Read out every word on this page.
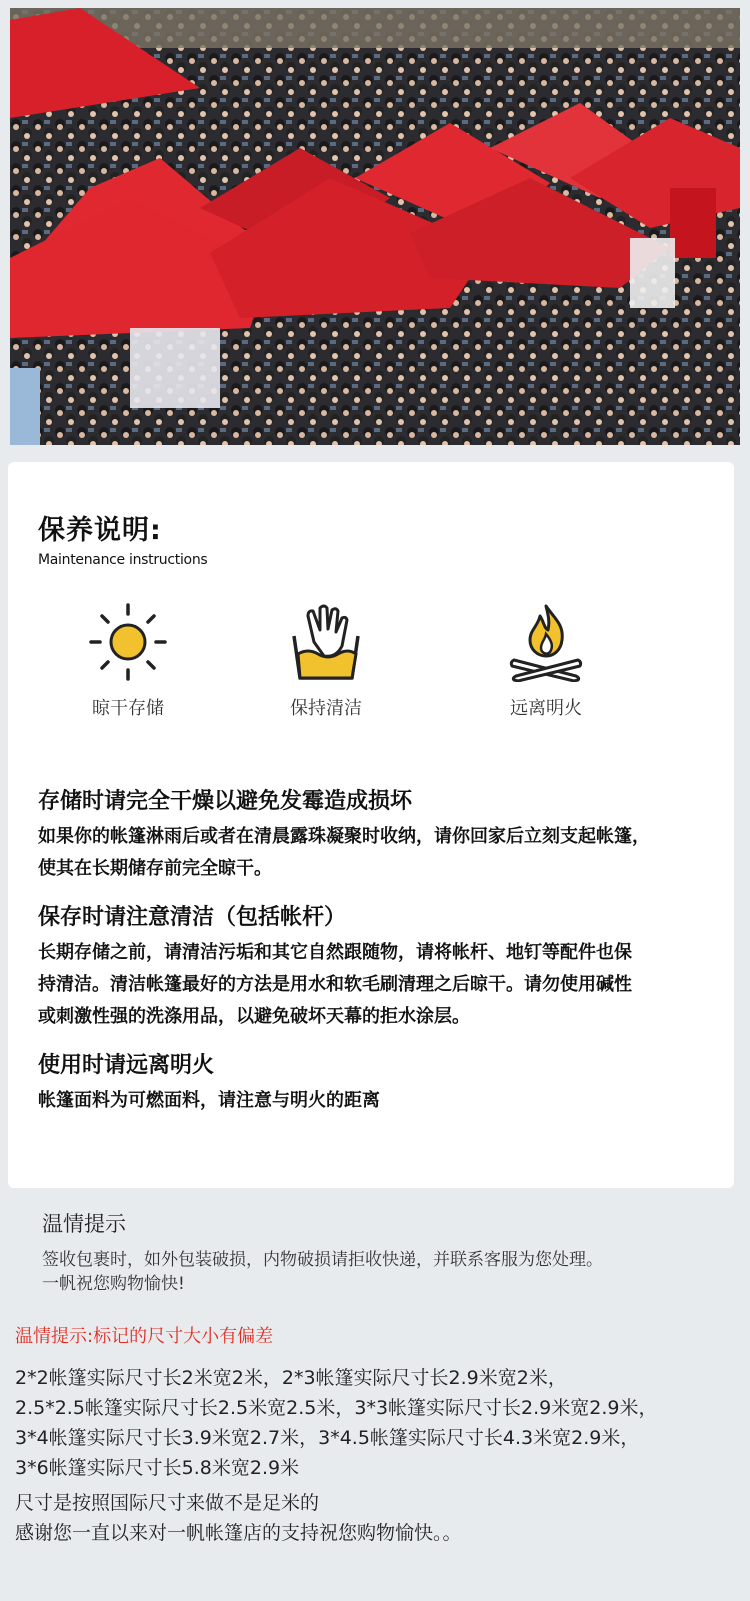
保养说明:
Maintenance instructions
晾干存储	保持清洁	远离明火
存储时请完全干燥以避免发霉造成损坏
如果你的帐篷淋雨后或者在清晨露珠凝聚时收纳，请你回家后立刻支起帐篷，
使其在长期储存前完全晾干。
保存时请注意清洁（包括帐杆）
长期存储之前，请清洁污垢和其它自然跟随物，请将帐杆、地钉等配件也保
持清洁。清洁帐篷最好的方法是用水和软毛刷清理之后晾干。请勿使用碱性
或刺激性强的洗涤用品，以避免破坏天幕的拒水涂层。
使用时请远离明火
帐篷面料为可燃面料，请注意与明火的距离
温情提示
签收包裹时，如外包装破损，内物破损请拒收快递，并联系客服为您处理。
一帆祝您购物愉快!
温情提示:标记的尺寸大小有偏差
2*2帐篷实际尺寸长2米宽2米，2*3帐篷实际尺寸长2.9米宽2米，
2.5*2.5帐篷实际尺寸长2.5米宽2.5米，3*3帐篷实际尺寸长2.9米宽2.9米，
3*4帐篷实际尺寸长3.9米宽2.7米，3*4.5帐篷实际尺寸长4.3米宽2.9米，
3*6帐篷实际尺寸长5.8米宽2.9米
尺寸是按照国际尺寸来做不是足米的
感谢您一直以来对一帆帐篷店的支持祝您购物愉快。。
